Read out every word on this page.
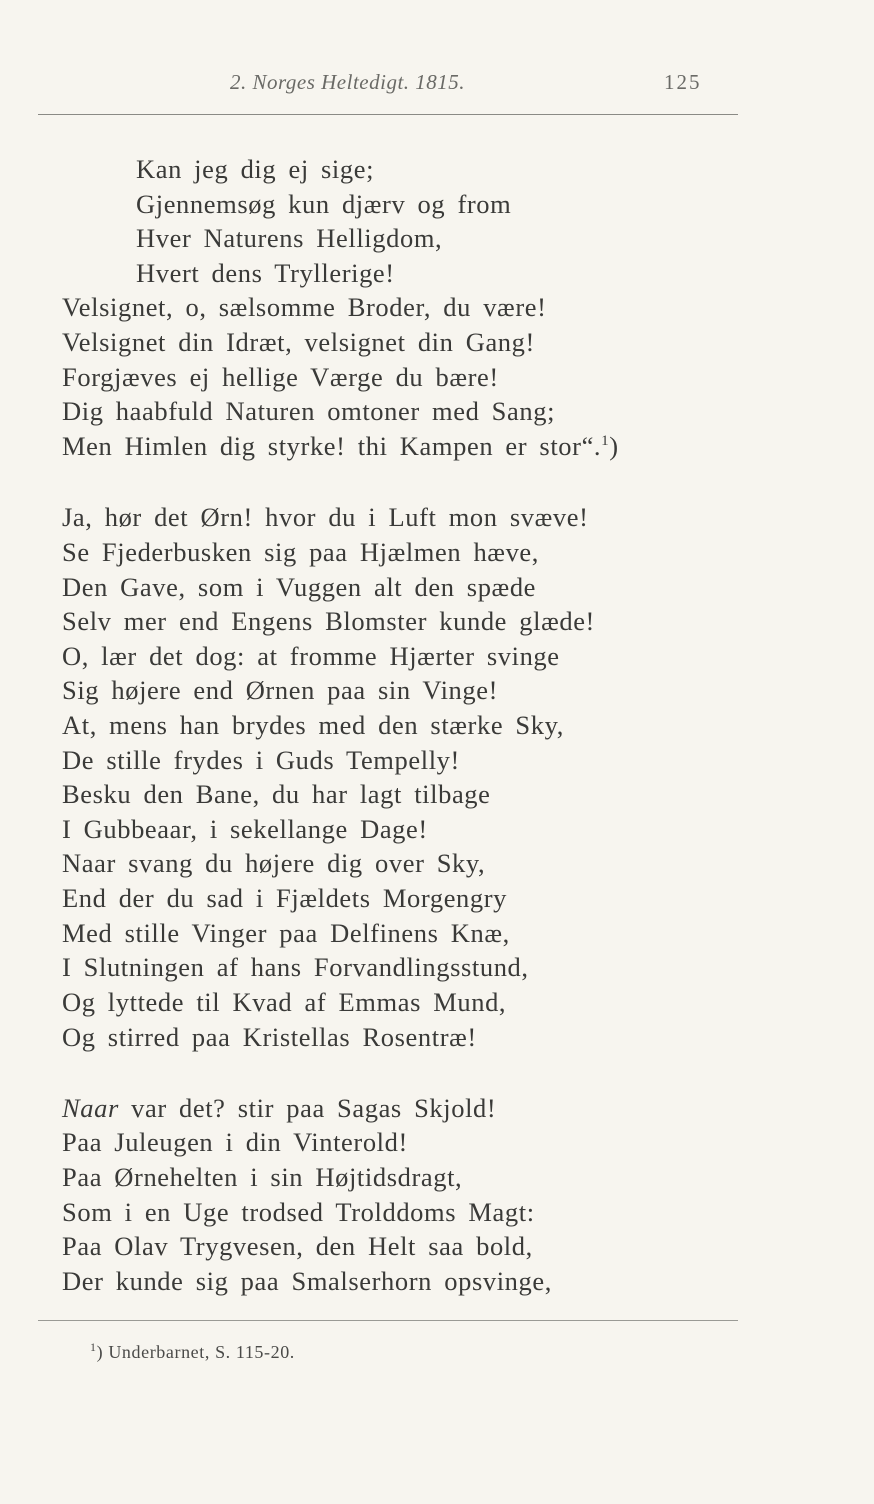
2. Norges Heltedigt. 1815.	125
Kan jeg dig ej sige;
Gjennemsøg kun djærv og from
Hver Naturens Helligdom,
Hvert dens Tryllerige!
Velsignet, o, sælsomme Broder, du være!
Velsignet din Idræt, velsignet din Gang!
Forgjæves ej hellige Værge du bære!
Dig haabfuld Naturen omtoner med Sang;
Men Himlen dig styrke! thi Kampen er stor“.$^1$)
Ja, hør det Ørn! hvor du i Luft mon svæve!
Se Fjederbusken sig paa Hjælmen hæve,
Den Gave, som i Vuggen alt den spæde
Selv mer end Engens Blomster kunde glæde!
O, lær det dog: at fromme Hjærter svinge
Sig højere end Ørnen paa sin Vinge!
At, mens han brydes med den stærke Sky,
De stille frydes i Guds Tempelly!
Besku den Bane, du har lagt tilbage
I Gubbeaar, i sekellange Dage!
Naar svang du højere dig over Sky,
End der du sad i Fjældets Morgengry
Med stille Vinger paa Delfinens Knæ,
I Slutningen af hans Forvandlingsstund,
Og lyttede til Kvad af Emmas Mund,
Og stirred paa Kristellas Rosentræ!
Naar var det? stir paa Sagas Skjold!
Paa Juleugen i din Vinterold!
Paa Ørnehelten i sin Højtidsdragt,
Som i en Uge trodsed Trolddoms Magt:
Paa Olav Trygvesen, den Helt saa bold,
Der kunde sig paa Smalserhorn opsvinge,
$^1$) Underbarnet, S. 115-20.
